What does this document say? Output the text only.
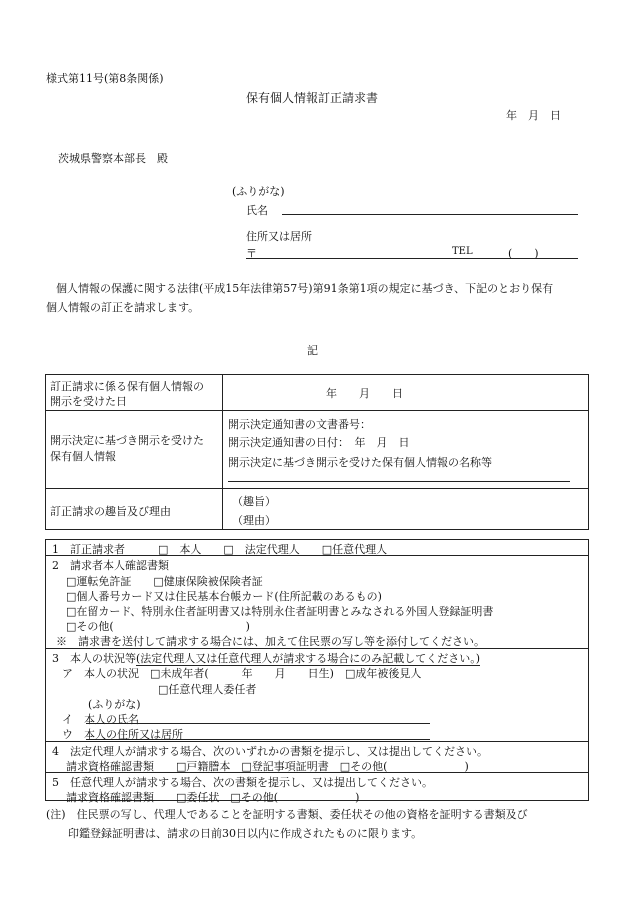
様式第11号(第8条関係)
保有個人情報訂正請求書
年　月　日
茨城県警察本部長　殿
(ふりがな)
氏名
住所又は居所
〒	TEL	(　　)
個人情報の保護に関する法律(平成15年法律第57号)第91条第1項の規定に基づき、下記のとおり保有
個人情報の訂正を請求します。
記
訂正請求に係る保有個人情報の
開示を受けた日
年　　月　　日
開示決定に基づき開示を受けた
保有個人情報
開示決定通知書の文書番号：
開示決定通知書の日付：　年　月　日
開示決定に基づき開示を受けた保有個人情報の名称等
訂正請求の趣旨及び理由
（趣旨）
（理由）
1　訂正請求者　　　□　本人　　□　法定代理人　　□任意代理人
2　請求者本人確認書類
□運転免許証　　□健康保険被保険者証
□個人番号カード又は住民基本台帳カード(住所記載のあるもの)
□在留カード、特別永住者証明書又は特別永住者証明書とみなされる外国人登録証明書
□その他(　　　　　　　　　　　　)
※　請求書を送付して請求する場合には、加えて住民票の写し等を添付してください。
3　本人の状況等(法定代理人又は任意代理人が請求する場合にのみ記載してください。)
ア　本人の状況　□未成年者(　　　年　　月　　日生)　□成年被後見人
□任意代理人委任者
(ふりがな)
イ　本人の氏名
ウ　本人の住所又は居所
4　法定代理人が請求する場合、次のいずれかの書類を提示し、又は提出してください。
請求資格確認書類　　□戸籍謄本　□登記事項証明書　□その他(　　　　　　　)
5　任意代理人が請求する場合、次の書類を提示し、又は提出してください。
請求資格確認書類　　□委任状　□その他(　　　　　　　)
(注)　住民票の写し、代理人であることを証明する書類、委任状その他の資格を証明する書類及び
印鑑登録証明書は、請求の日前30日以内に作成されたものに限ります。
